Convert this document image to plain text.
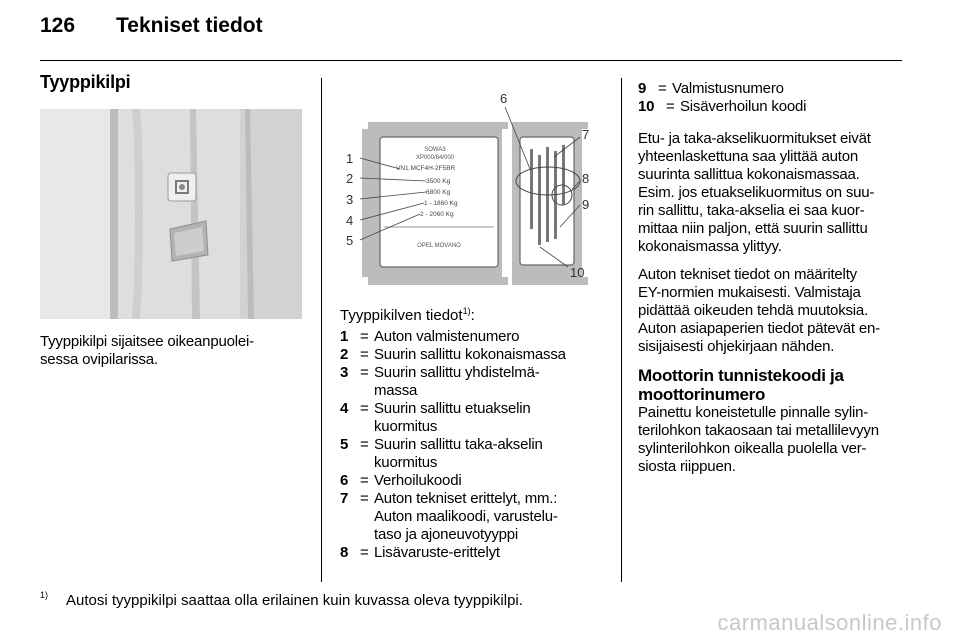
126	Tekniset tiedot
Tyyppikilpi

Tyyppikilpi sijaitsee oikeanpuolei-
sessa ovipilarissa.

SOWA3
XP000/84/000
VN1.MCF4H-2F5BR
3500 Kg
6800 Kg
1 - 1860 Kg
2 - 2060 Kg
OPEL MOVANO
1
2
3
4
5
6
7
8
9
10

Tyyppikilven tiedot$^{1)}$:

1 = Auton valmistenumero
2 = Suurin sallittu kokonaismassa
3 = Suurin sallittu yhdistelmä-
massa
4 = Suurin sallittu etuakselin
kuormitus
5 = Suurin sallittu taka-akselin
kuormitus
6 = Verhoilukoodi
7 = Auton tekniset erittelyt, mm.:
Auton maalikoodi, varustelu-
taso ja ajoneuvotyyppi
8 = Lisävaruste-erittelyt
9 = Valmistusnumero
10 = Sisäverhoilun koodi

Etu- ja taka-akselikuormitukset eivät
yhteenlaskettuna saa ylittää auton
suurinta sallittua kokonaismassaa.
Esim. jos etuakselikuormitus on suu-
rin sallittu, taka-akselia ei saa kuor-
mittaa niin paljon, että suurin sallittu
kokonaismassa ylittyy.

Auton tekniset tiedot on määritelty
EY-normien mukaisesti. Valmistaja
pidättää oikeuden tehdä muutoksia.
Auton asiapaperien tiedot pätevät en-
sisijaisesti ohjekirjaan nähden.

Moottorin tunnistekoodi ja
moottorinumero

Painettu koneistetulle pinnalle sylin-
terilohkon takaosaan tai metallilevyyn
sylinterilohkon oikealla puolella ver-
siosta riippuen.

1)	Autosi tyyppikilpi saattaa olla erilainen kuin kuvassa oleva tyyppikilpi.
carmanualsonline.info
